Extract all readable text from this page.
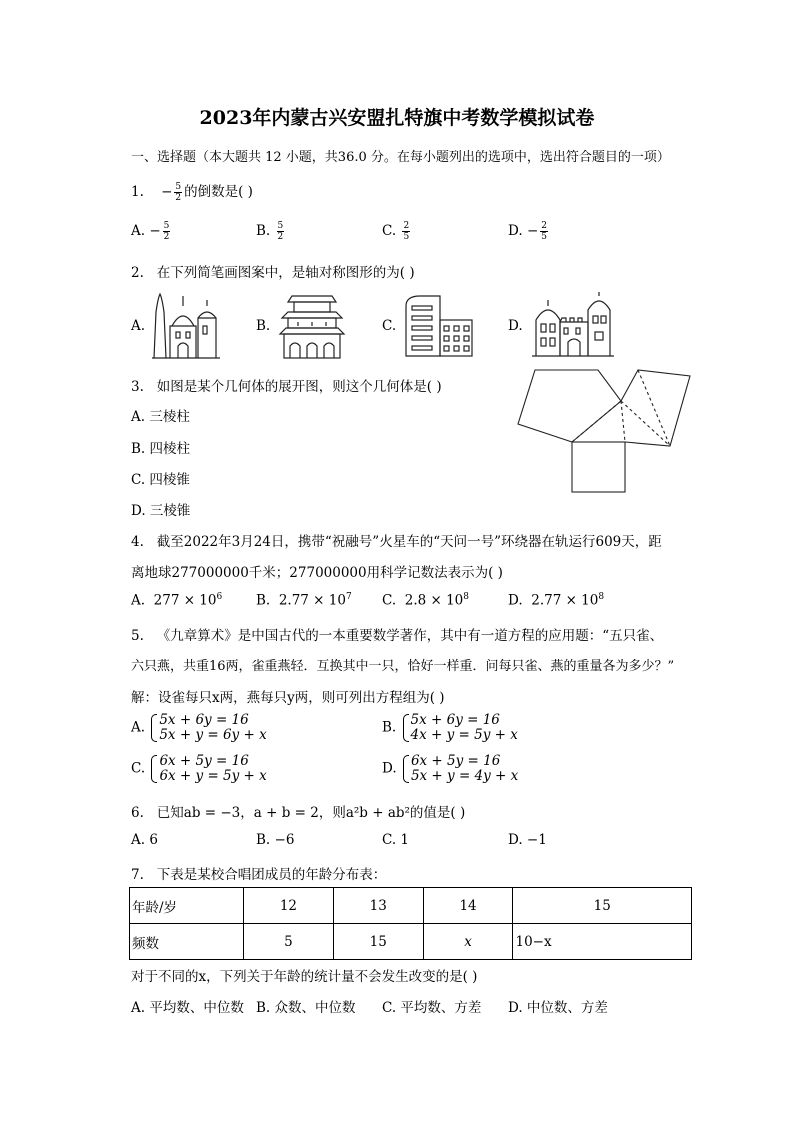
2023年内蒙古兴安盟扎特旗中考数学模拟试卷
一、选择题（本大题共 12 小题，共36.0 分。在每小题列出的选项中，选出符合题目的一项）
1. − $\frac{5}{2}$ 的倒数是( )
A. − $\frac{5}{2}$	B. $\frac{5}{2}$	C. $\frac{2}{5}$	D. − $\frac{2}{5}$
2. 在下列简笔画图案中，是轴对称图形的为( )
A.	B.	C.	D.
3. 如图是某个几何体的展开图，则这个几何体是( )
A. 三棱柱
B. 四棱柱
C. 四棱锥
D. 三棱锥
4. 截至2022年3月24日，携带“祝融号”火星车的“天问一号”环绕器在轨运行609天，距
离地球277000000千米；277000000用科学记数法表示为( )
A. $277 \times 10^6$	B. $2.77 \times 10^7$ C. $2.8 \times 10^8$	D. $2.77 \times 10^8$
5. 《九章算术》是中国古代的一本重要数学著作，其中有一道方程的应用题：“五只雀、
六只燕，共重16两，雀重燕轻．互换其中一只，恰好一样重．问每只雀、燕的重量各为多少？”
解：设雀每只x两，燕每只y两，则可列出方程组为( )
A. 5x + 6y = 16
5x + y = 6y + x	B. 5x + 6y = 16
4x + y = 5y + x
C. 6x + 5y = 16
6x + y = 5y + x	D. 6x + 5y = 16
5x + y = 4y + x
6. 已知ab = −3，a + b = 2，则a²b + ab²的值是( )
A. 6	B. −6	C. 1	D. −1
7. 下表是某校合唱团成员的年龄分布表：
年龄/岁	12	13	14	15
频数	5	15	x	10−x
对于不同的x，下列关于年龄的统计量不会发生改变的是( )
A. 平均数、中位数 B. 众数、中位数 C. 平均数、方差 D. 中位数、方差
